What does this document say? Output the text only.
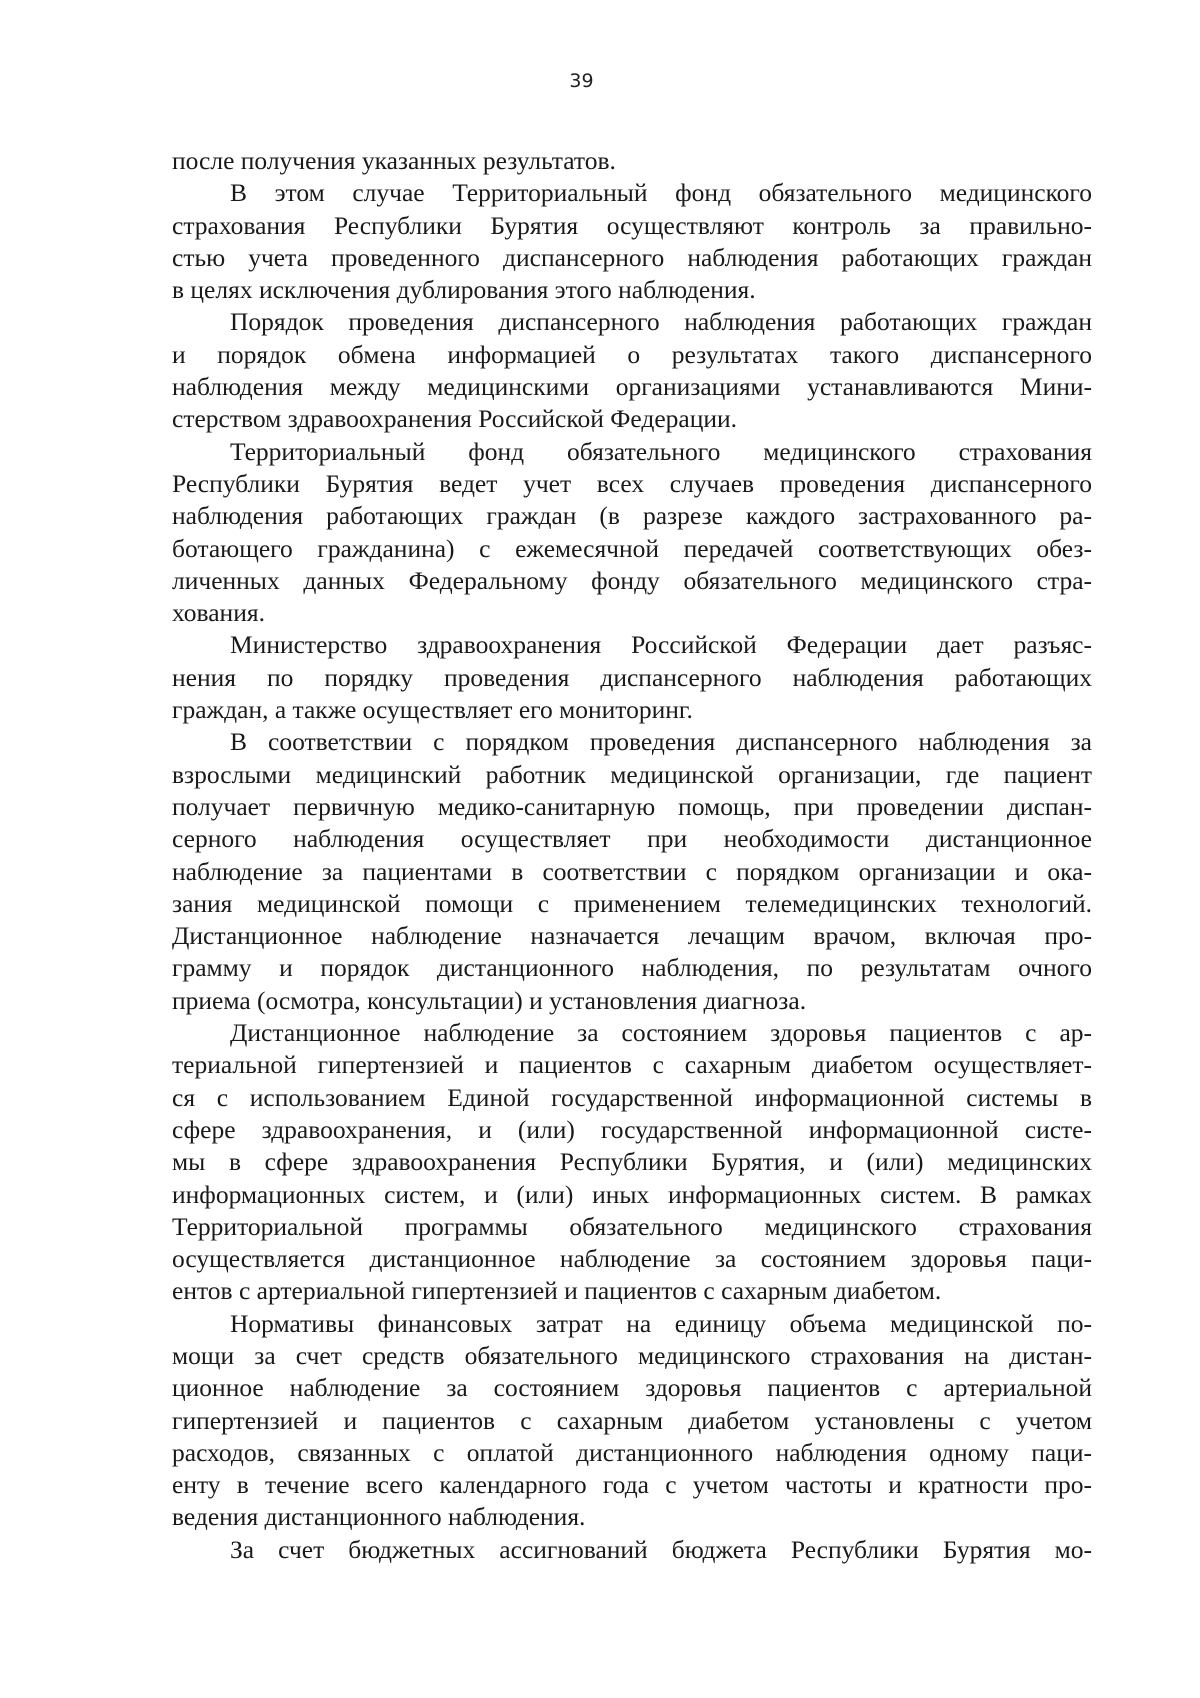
39
после получения указанных результатов.
В этом случае Территориальный фонд обязательного медицинского
страхования Республики Бурятия осуществляют контроль за правильно-
стью учета проведенного диспансерного наблюдения работающих граждан
в целях исключения дублирования этого наблюдения.
Порядок проведения диспансерного наблюдения работающих граждан
и порядок обмена информацией о результатах такого диспансерного
наблюдения между медицинскими организациями устанавливаются Мини-
стерством здравоохранения Российской Федерации.
Территориальный фонд обязательного медицинского страхования
Республики Бурятия ведет учет всех случаев проведения диспансерного
наблюдения работающих граждан (в разрезе каждого застрахованного ра-
ботающего гражданина) с ежемесячной передачей соответствующих обез-
личенных данных Федеральному фонду обязательного медицинского стра-
хования.
Министерство здравоохранения Российской Федерации дает разъяс-
нения по порядку проведения диспансерного наблюдения работающих
граждан, а также осуществляет его мониторинг.
В соответствии с порядком проведения диспансерного наблюдения за
взрослыми медицинский работник медицинской организации, где пациент
получает первичную медико-санитарную помощь, при проведении диспан-
серного наблюдения осуществляет при необходимости дистанционное
наблюдение за пациентами в соответствии с порядком организации и ока-
зания медицинской помощи с применением телемедицинских технологий.
Дистанционное наблюдение назначается лечащим врачом, включая про-
грамму и порядок дистанционного наблюдения, по результатам очного
приема (осмотра, консультации) и установления диагноза.
Дистанционное наблюдение за состоянием здоровья пациентов с ар-
териальной гипертензией и пациентов с сахарным диабетом осуществляет-
ся с использованием Единой государственной информационной системы в
сфере здравоохранения, и (или) государственной информационной систе-
мы в сфере здравоохранения Республики Бурятия, и (или) медицинских
информационных систем, и (или) иных информационных систем. В рамках
Территориальной программы обязательного медицинского страхования
осуществляется дистанционное наблюдение за состоянием здоровья паци-
ентов с артериальной гипертензией и пациентов с сахарным диабетом.
Нормативы финансовых затрат на единицу объема медицинской по-
мощи за счет средств обязательного медицинского страхования на дистан-
ционное наблюдение за состоянием здоровья пациентов с артериальной
гипертензией и пациентов с сахарным диабетом установлены с учетом
расходов, связанных с оплатой дистанционного наблюдения одному паци-
енту в течение всего календарного года с учетом частоты и кратности про-
ведения дистанционного наблюдения.
За счет бюджетных ассигнований бюджета Республики Бурятия мо-
